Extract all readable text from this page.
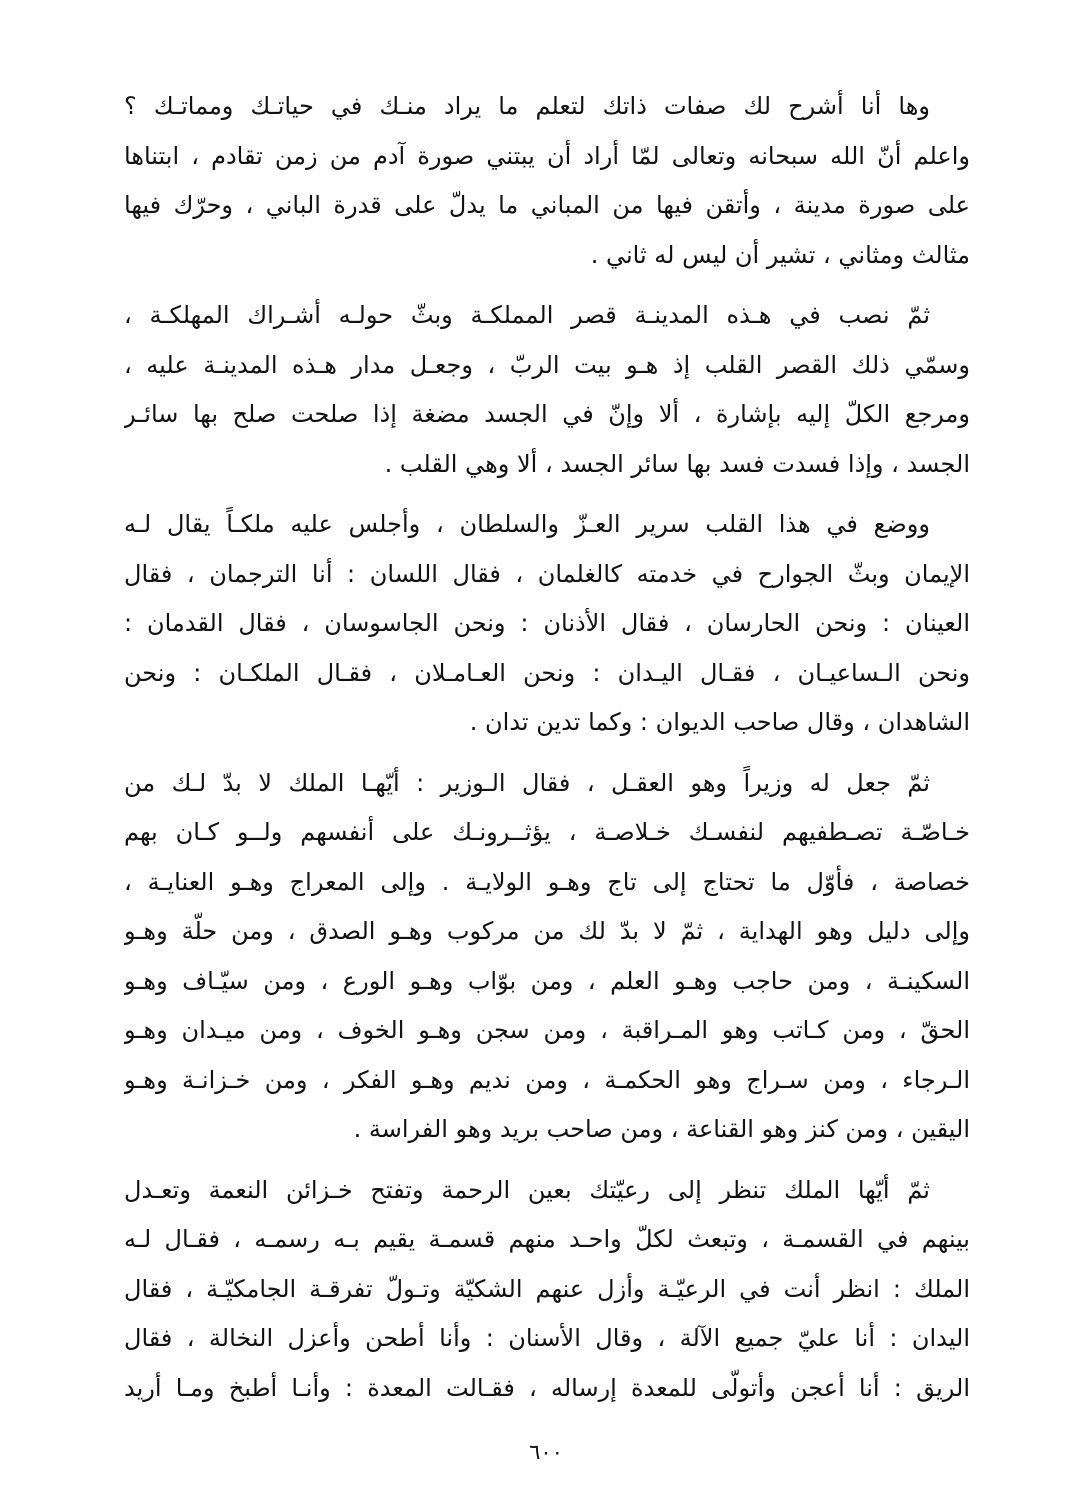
وها أنا أشرح لك صفات ذاتك لتعلم ما يراد منـك في حياتـك ومماتـك ؟
واعلم أنّ الله سبحانه وتعالى لمّا أراد أن يبتني صورة آدم من زمن تقادم ، ابتناها
على صورة مدينة ، وأتقن فيها من المباني ما يدلّ على قدرة الباني ، وحرّك فيها
مثالث ومثاني ، تشير أن ليس له ثاني .
ثمّ نصب في هـذه المدينـة قصر المملكـة وبثّ حولـه أشـراك المهلكـة ،
وسمّي ذلك القصر القلب إذ هـو بيت الربّ ، وجعـل مدار هـذه المدينـة عليه ،
ومرجع الكلّ إليه بإشارة ، ألا وإنّ في الجسد مضغة إذا صلحت صلح بها سائـر
الجسد ، وإذا فسدت فسد بها سائر الجسد ، ألا وهي القلب .
ووضع في هذا القلب سرير العـزّ والسلطان ، وأجلس عليه ملكـاً يقال لـه
الإيمان وبثّ الجوارح في خدمته كالغلمان ، فقال اللسان : أنا الترجمان ، فقال
العينان : ونحن الحارسان ، فقال الأذنان : ونحن الجاسوسان ، فقال القدمان :
ونحن الـساعيـان ، فقـال اليـدان : ونحن العـامـلان ، فقـال الملكـان : ونحن
الشاهدان ، وقال صاحب الديوان : وكما تدين تدان .
ثمّ جعل له وزيراً وهو العقـل ، فقال الـوزير : أيّهـا الملك لا بدّ لـك من
خـاصّـة تصـطفيهم لنفسـك خـلاصـة ، يؤثــرونـك على أنفسهم ولــو كـان بهم
خصاصة ، فأوّل ما تحتاج إلى تاج وهـو الولايـة . وإلى المعراج وهـو العنايـة ،
وإلى دليل وهو الهداية ، ثمّ لا بدّ لك من مركوب وهـو الصدق ، ومن حلّة وهـو
السكينـة ، ومن حاجب وهـو العلم ، ومن بوّاب وهـو الورع ، ومن سيّـاف وهـو
الحقّ ، ومن كـاتب وهو المـراقبة ، ومن سجن وهـو الخوف ، ومن ميـدان وهـو
الـرجاء ، ومن سـراج وهو الحكمـة ، ومن نديم وهـو الفكر ، ومن خـزانـة وهـو
اليقين ، ومن كنز وهو القناعة ، ومن صاحب بريد وهو الفراسة .
ثمّ أيّها الملك تنظر إلى رعيّتك بعين الرحمة وتفتح خـزائن النعمة وتعـدل
بينهم في القسمـة ، وتبعث لكلّ واحـد منهم قسمـة يقيم بـه رسمـه ، فقـال لـه
الملك : انظر أنت في الرعيّـة وأزل عنهم الشكيّة وتـولّ تفرقـة الجامكيّـة ، فقال
اليدان : أنا عليّ جميع الآلة ، وقال الأسنان : وأنا أطحن وأعزل النخالة ، فقال
الريق : أنا أعجن وأتولّى للمعدة إرساله ، فقـالت المعدة : وأنـا أطبخ ومـا أريد
٦٠٠
